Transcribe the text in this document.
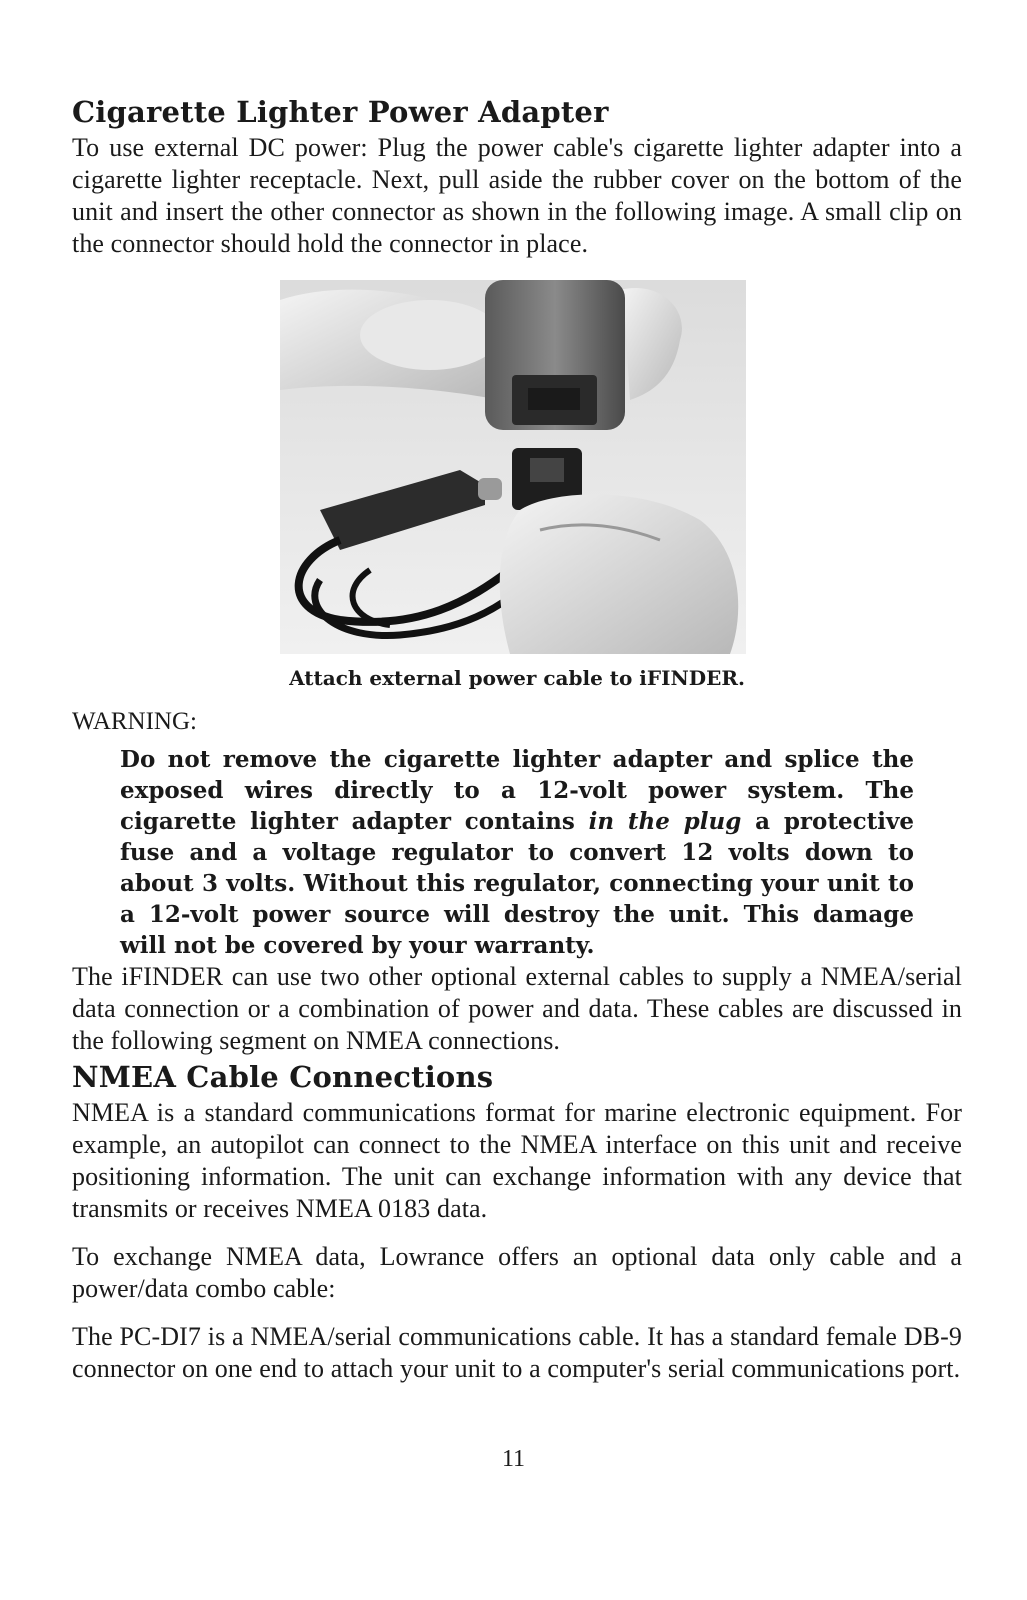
Cigarette Lighter Power Adapter

To use external DC power: Plug the power cable's cigarette lighter adapter into a cigarette lighter receptacle. Next, pull aside the rubber cover on the bottom of the unit and insert the other connector as shown in the following image. A small clip on the connector should hold the connector in place.

Attach external power cable to iFINDER.
WARNING:
Do not remove the cigarette lighter adapter and splice the exposed wires directly to a 12-volt power system. The cigarette lighter adapter contains in the plug a protective fuse and a voltage regulator to convert 12 volts down to about 3 volts. Without this regulator, connecting your unit to a 12-volt power source will destroy the unit. This damage will not be covered by your warranty.

The iFINDER can use two other optional external cables to supply a NMEA/serial data connection or a combination of power and data. These cables are discussed in the following segment on NMEA connections.

NMEA Cable Connections

NMEA is a standard communications format for marine electronic equipment. For example, an autopilot can connect to the NMEA interface on this unit and receive positioning information. The unit can exchange information with any device that transmits or receives NMEA 0183 data.

To exchange NMEA data, Lowrance offers an optional data only cable and a power/data combo cable:

The PC-DI7 is a NMEA/serial communications cable. It has a standard female DB-9 connector on one end to attach your unit to a computer's serial communications port.

11
